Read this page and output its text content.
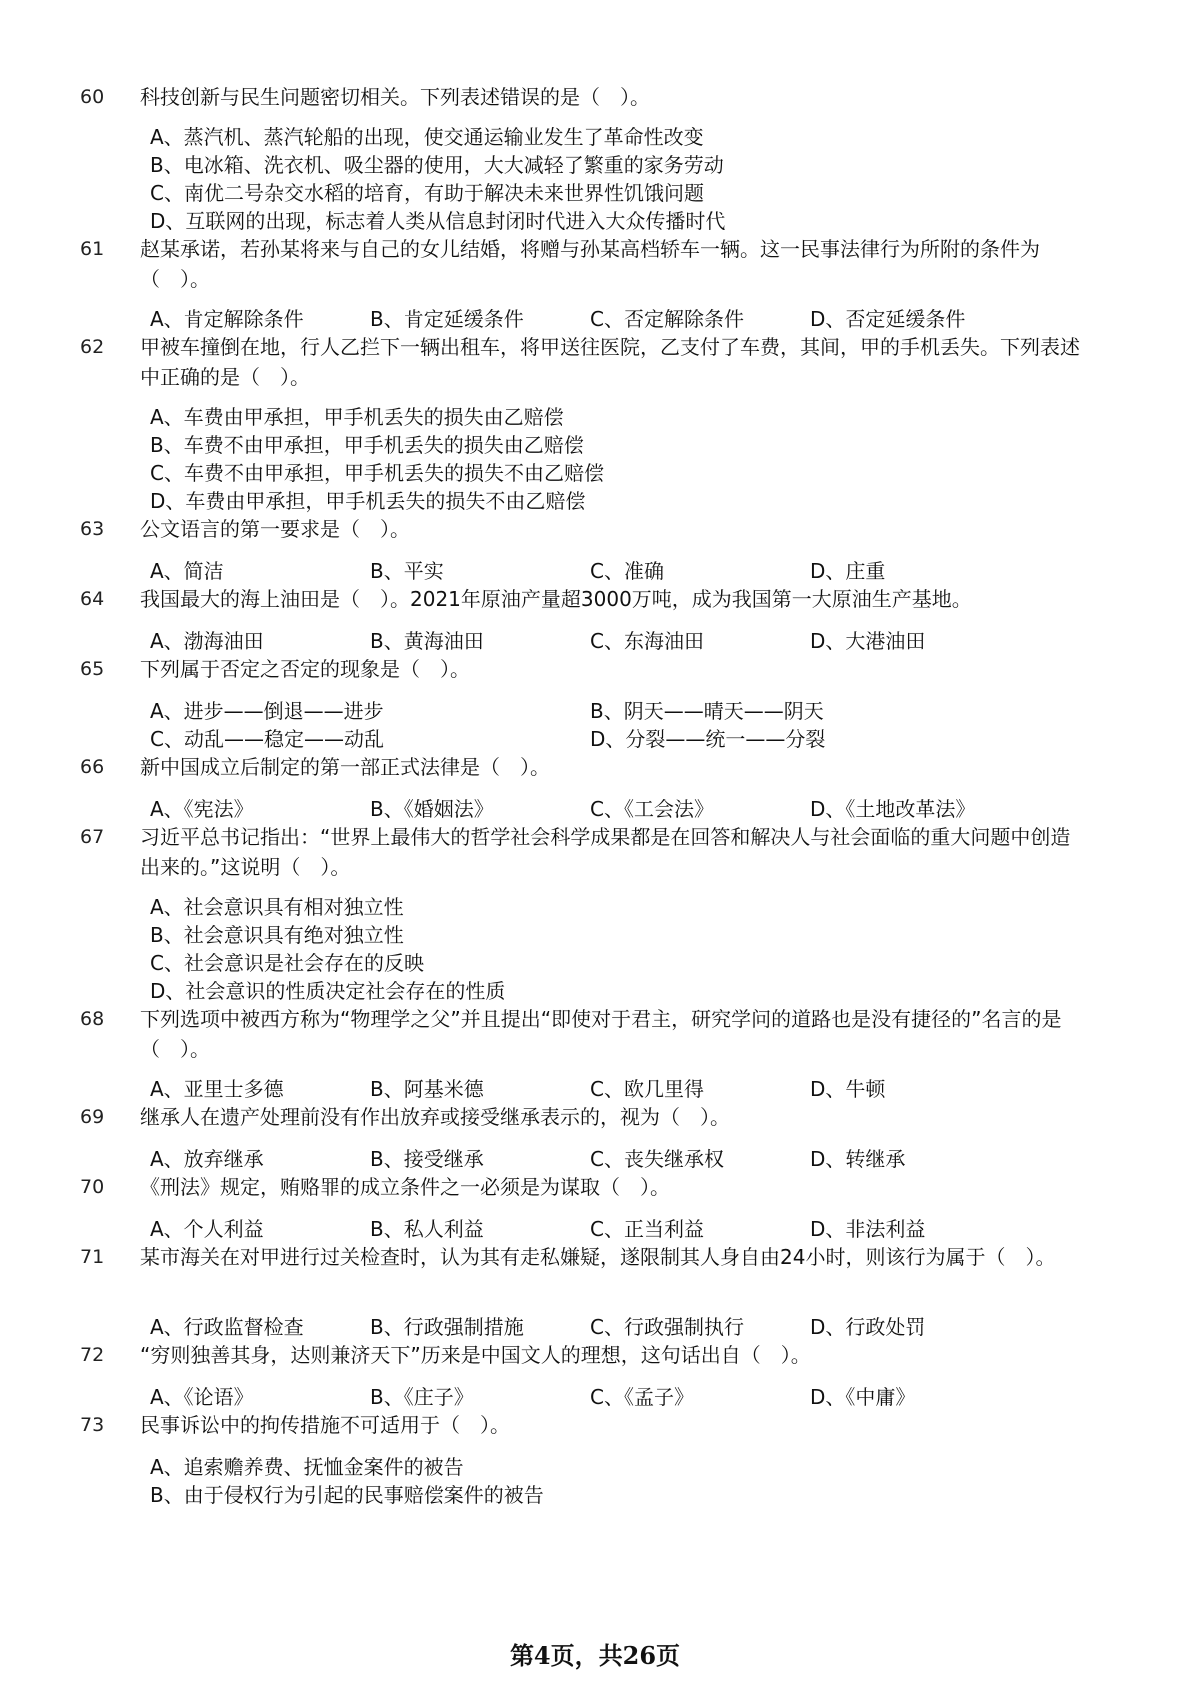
60 科技创新与民生问题密切相关。下列表述错误的是（　）。
A、蒸汽机、蒸汽轮船的出现，使交通运输业发生了革命性改变
B、电冰箱、洗衣机、吸尘器的使用，大大减轻了繁重的家务劳动
C、南优二号杂交水稻的培育，有助于解决未来世界性饥饿问题
D、互联网的出现，标志着人类从信息封闭时代进入大众传播时代
61 赵某承诺，若孙某将来与自己的女儿结婚，将赠与孙某高档轿车一辆。这一民事法律行为所附的条件为（　）。
A、肯定解除条件	B、肯定延缓条件	C、否定解除条件	D、否定延缓条件
62 甲被车撞倒在地，行人乙拦下一辆出租车，将甲送往医院，乙支付了车费，其间，甲的手机丢失。下列表述中正确的是（　）。
A、车费由甲承担，甲手机丢失的损失由乙赔偿
B、车费不由甲承担，甲手机丢失的损失由乙赔偿
C、车费不由甲承担，甲手机丢失的损失不由乙赔偿
D、车费由甲承担，甲手机丢失的损失不由乙赔偿
63 公文语言的第一要求是（　）。
A、简洁	B、平实	C、准确	D、庄重
64 我国最大的海上油田是（　）。2021年原油产量超3000万吨，成为我国第一大原油生产基地。
A、渤海油田	B、黄海油田	C、东海油田	D、大港油田
65 下列属于否定之否定的现象是（　）。
A、进步——倒退——进步	B、阴天——晴天——阴天
C、动乱——稳定——动乱	D、分裂——统一——分裂
66 新中国成立后制定的第一部正式法律是（　）。
A、《宪法》	B、《婚姻法》	C、《工会法》	D、《土地改革法》
67 习近平总书记指出：“世界上最伟大的哲学社会科学成果都是在回答和解决人与社会面临的重大问题中创造出来的。”这说明（　）。
A、社会意识具有相对独立性
B、社会意识具有绝对独立性
C、社会意识是社会存在的反映
D、社会意识的性质决定社会存在的性质
68 下列选项中被西方称为“物理学之父”并且提出“即使对于君主，研究学问的道路也是没有捷径的”名言的是（　）。
A、亚里士多德	B、阿基米德	C、欧几里得	D、牛顿
69 继承人在遗产处理前没有作出放弃或接受继承表示的，视为（　）。
A、放弃继承	B、接受继承	C、丧失继承权	D、转继承
70 《刑法》规定，贿赂罪的成立条件之一必须是为谋取（　）。
A、个人利益	B、私人利益	C、正当利益	D、非法利益
71 某市海关在对甲进行过关检查时，认为其有走私嫌疑，遂限制其人身自由24小时，则该行为属于（　）。
A、行政监督检查	B、行政强制措施	C、行政强制执行	D、行政处罚
72 “穷则独善其身，达则兼济天下”历来是中国文人的理想，这句话出自（　）。
A、《论语》	B、《庄子》	C、《孟子》	D、《中庸》
73 民事诉讼中的拘传措施不可适用于（　）。
A、追索赡养费、抚恤金案件的被告
B、由于侵权行为引起的民事赔偿案件的被告
第4页，共26页
